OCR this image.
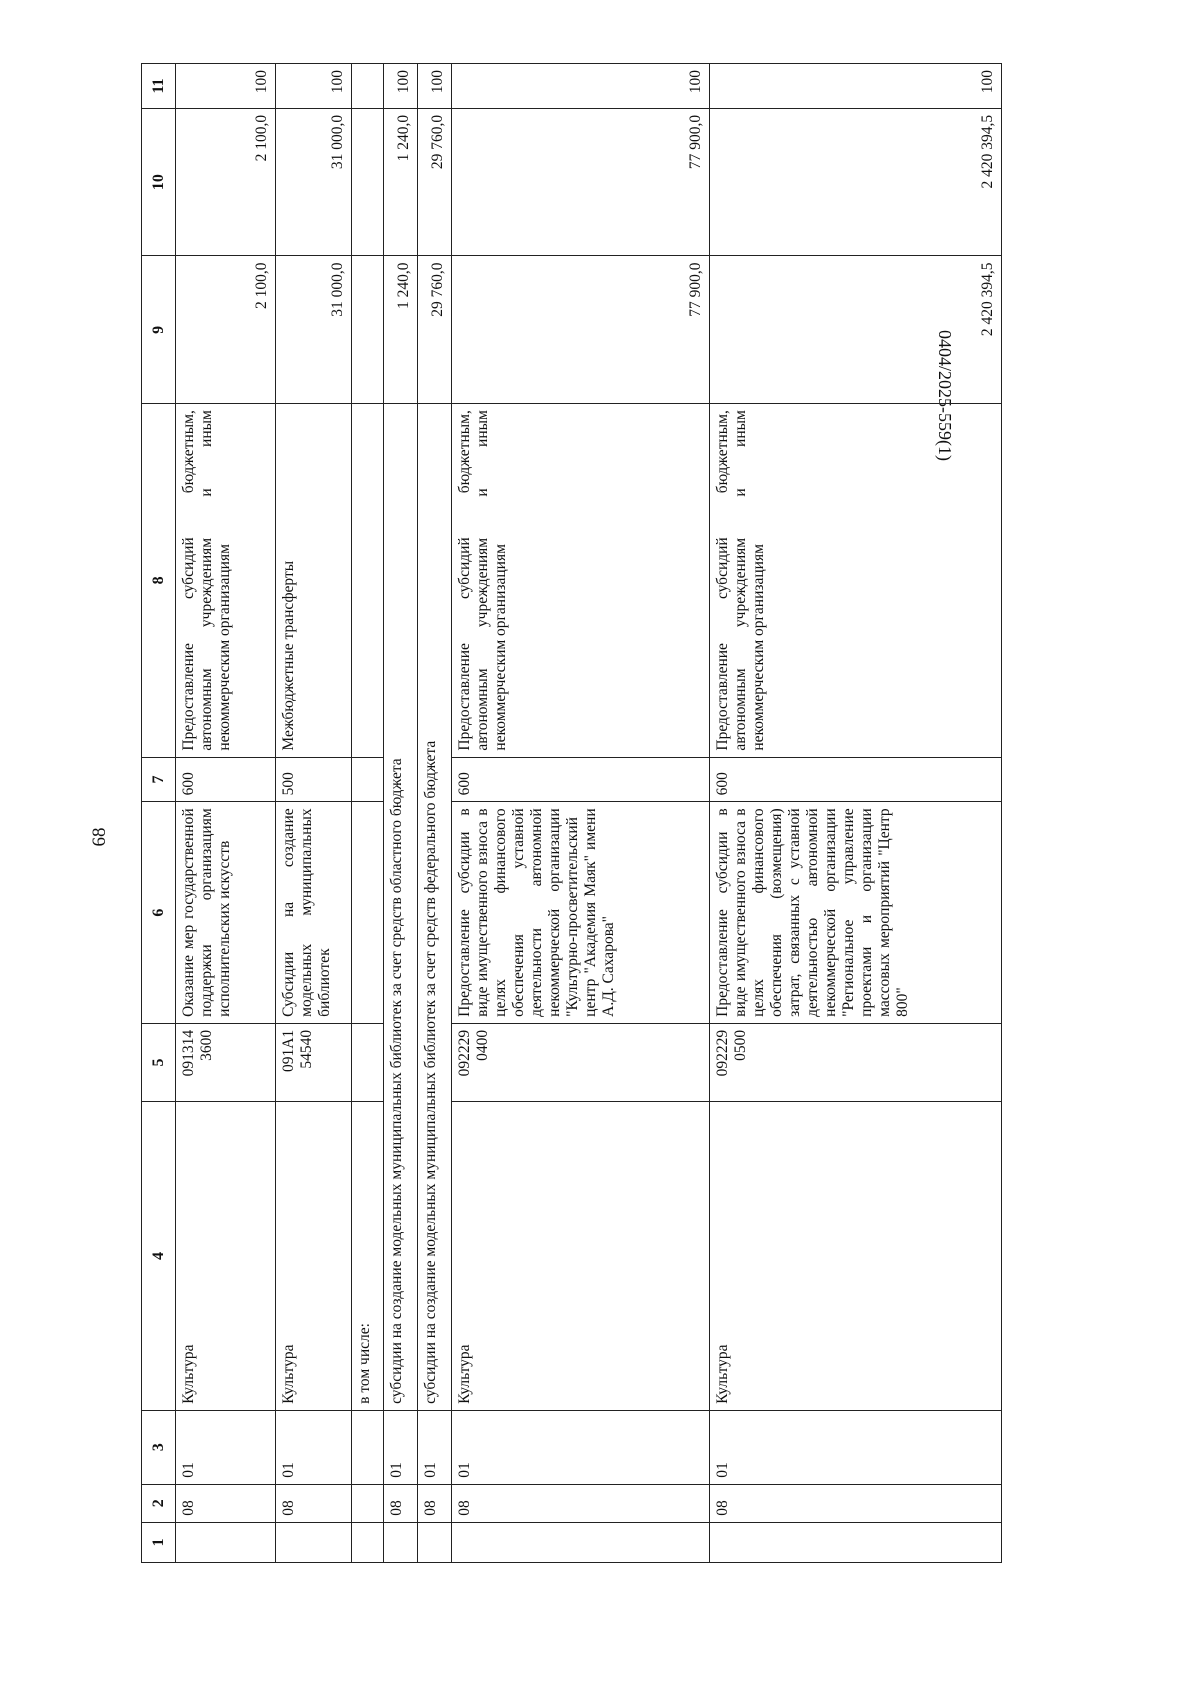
68
0404/2025-559(1)
1	2	3	4	5	6	7	8	9	10	11
	08	01	Культура	091314 3600	Оказание мер государственной поддержки организациям исполнительских искусств	600	Предоставление субсидий бюджетным, автономным учреждениям и иным некоммерческим организациям	2 100,0	2 100,0	100
	08	01	Культура	091A1 54540	Субсидии на создание модельных муниципальных библиотек	500	Межбюджетные трансферты	31 000,0	31 000,0	100
			в том числе:							
	08	01	субсидии на создание модельных муниципальных библиотек за счет средств областного бюджета					1 240,0	1 240,0	100
	08	01	субсидии на создание модельных муниципальных библиотек за счет средств федерального бюджета					29 760,0	29 760,0	100
	08	01	Культура	092229 0400	Предоставление субсидии в виде имущественного взноса в целях финансового обеспечения уставной деятельности автономной некоммерческой организации "Культурно-просветительский центр "Академия Маяк" имени А.Д. Сахарова"	600	Предоставление субсидий бюджетным, автономным учреждениям и иным некоммерческим организациям	77 900,0	77 900,0	100
	08	01	Культура	092229 0500	Предоставление субсидии в виде имущественного взноса в целях финансового обеспечения (возмещения) затрат, связанных с уставной деятельностью автономной некоммерческой организации "Региональное управление проектами и организации массовых мероприятий "Центр 800"	600	Предоставление субсидий бюджетным, автономным учреждениям и иным некоммерческим организациям	2 420 394,5	2 420 394,5	100
